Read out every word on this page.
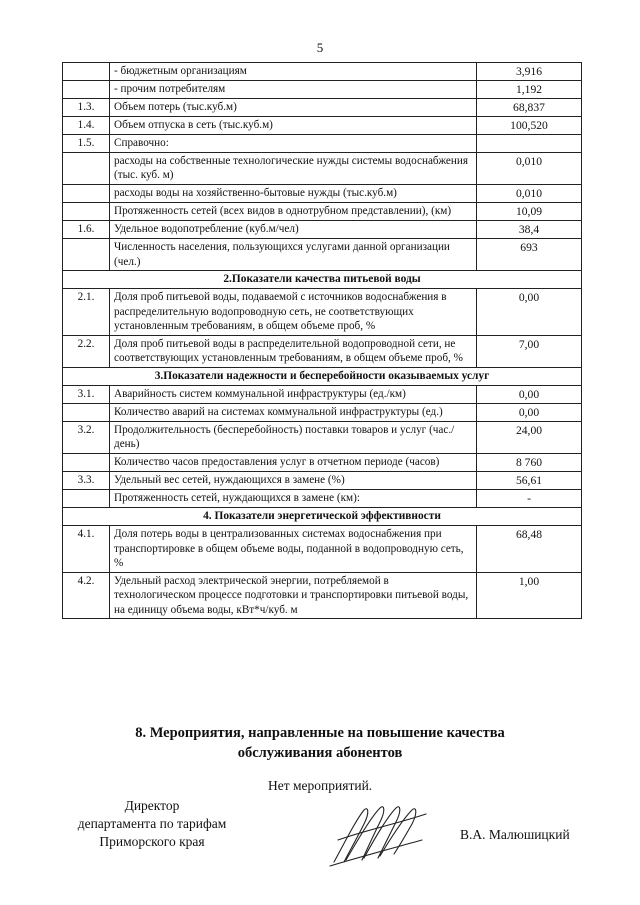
5
	- бюджетным организациям	3,916
	- прочим потребителям	1,192
1.3.	Объем потерь (тыс.куб.м)	68,837
1.4.	Объем отпуска в сеть (тыс.куб.м)	100,520
1.5.	Справочно:	
	расходы на собственные технологические нужды системы водоснабжения (тыс. куб. м)	0,010
	расходы воды на хозяйственно-бытовые нужды (тыс.куб.м)	0,010
	Протяженность сетей (всех видов в однотрубном представлении), (км)	10,09
1.6.	Удельное водопотребление (куб.м/чел)	38,4
	Численность населения, пользующихся услугами данной организации (чел.)	693
2.Показатели качества питьевой воды		
2.1.	Доля проб питьевой воды, подаваемой с источников водоснабжения в распределительную водопроводную сеть, не соответствующих установленным требованиям, в общем объеме проб, %	0,00
2.2.	Доля проб питьевой воды в распределительной водопроводной сети, не соответствующих установленным требованиям, в общем объеме проб, %	7,00
3.Показатели надежности и бесперебойности оказываемых услуг		
3.1.	Аварийность систем коммунальной инфраструктуры (ед./км)	0,00
	Количество аварий на системах коммунальной инфраструктуры (ед.)	0,00
3.2.	Продолжительность (бесперебойность) поставки товаров и услуг (час./день)	24,00
	Количество часов предоставления услуг в отчетном периоде (часов)	8 760
3.3.	Удельный вес сетей, нуждающихся в замене (%)	56,61
	Протяженность сетей, нуждающихся в замене (км):	-
4. Показатели энергетической эффективности		
4.1.	Доля потерь воды в централизованных системах водоснабжения при транспортировке в общем объеме воды, поданной в водопроводную сеть, %	68,48
4.2.	Удельный расход электрической энергии, потребляемой в технологическом процессе подготовки и транспортировки питьевой воды, на единицу объема воды, кВт*ч/куб. м	1,00
8. Мероприятия, направленные на повышение качества
обслуживания абонентов
Нет мероприятий.
Директор
департамента по тарифам
Приморского края	В.А. Малюшицкий
